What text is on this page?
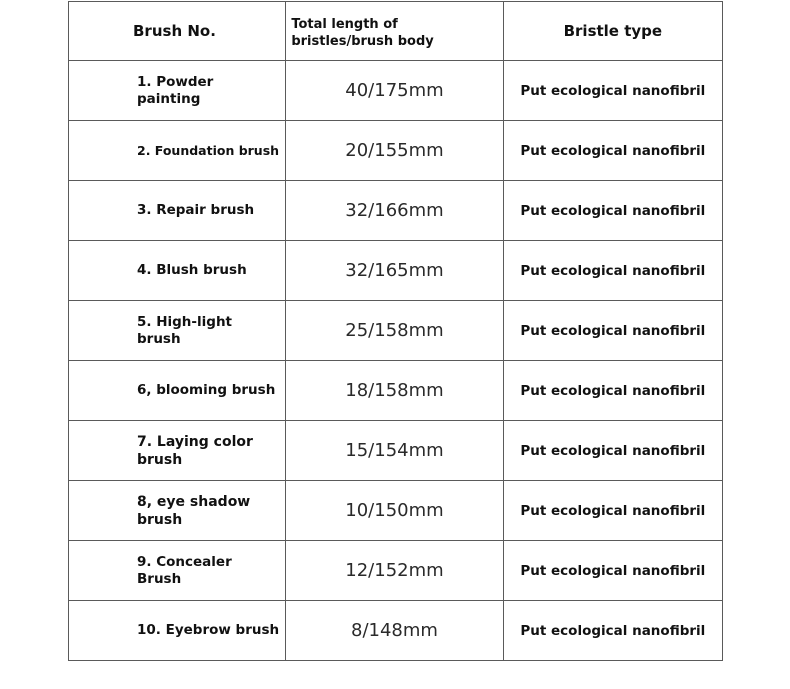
Brush No.	Total length of bristles/brush body	Bristle type
1. Powder painting	40/175mm	Put ecological nanofibril
2. Foundation brush	20/155mm	Put ecological nanofibril
3. Repair brush	32/166mm	Put ecological nanofibril
4. Blush brush	32/165mm	Put ecological nanofibril
5. High-light brush	25/158mm	Put ecological nanofibril
6, blooming brush	18/158mm	Put ecological nanofibril
7. Laying color brush	15/154mm	Put ecological nanofibril
8, eye shadow brush	10/150mm	Put ecological nanofibril
9. Concealer Brush	12/152mm	Put ecological nanofibril
10. Eyebrow brush	8/148mm	Put ecological nanofibril
